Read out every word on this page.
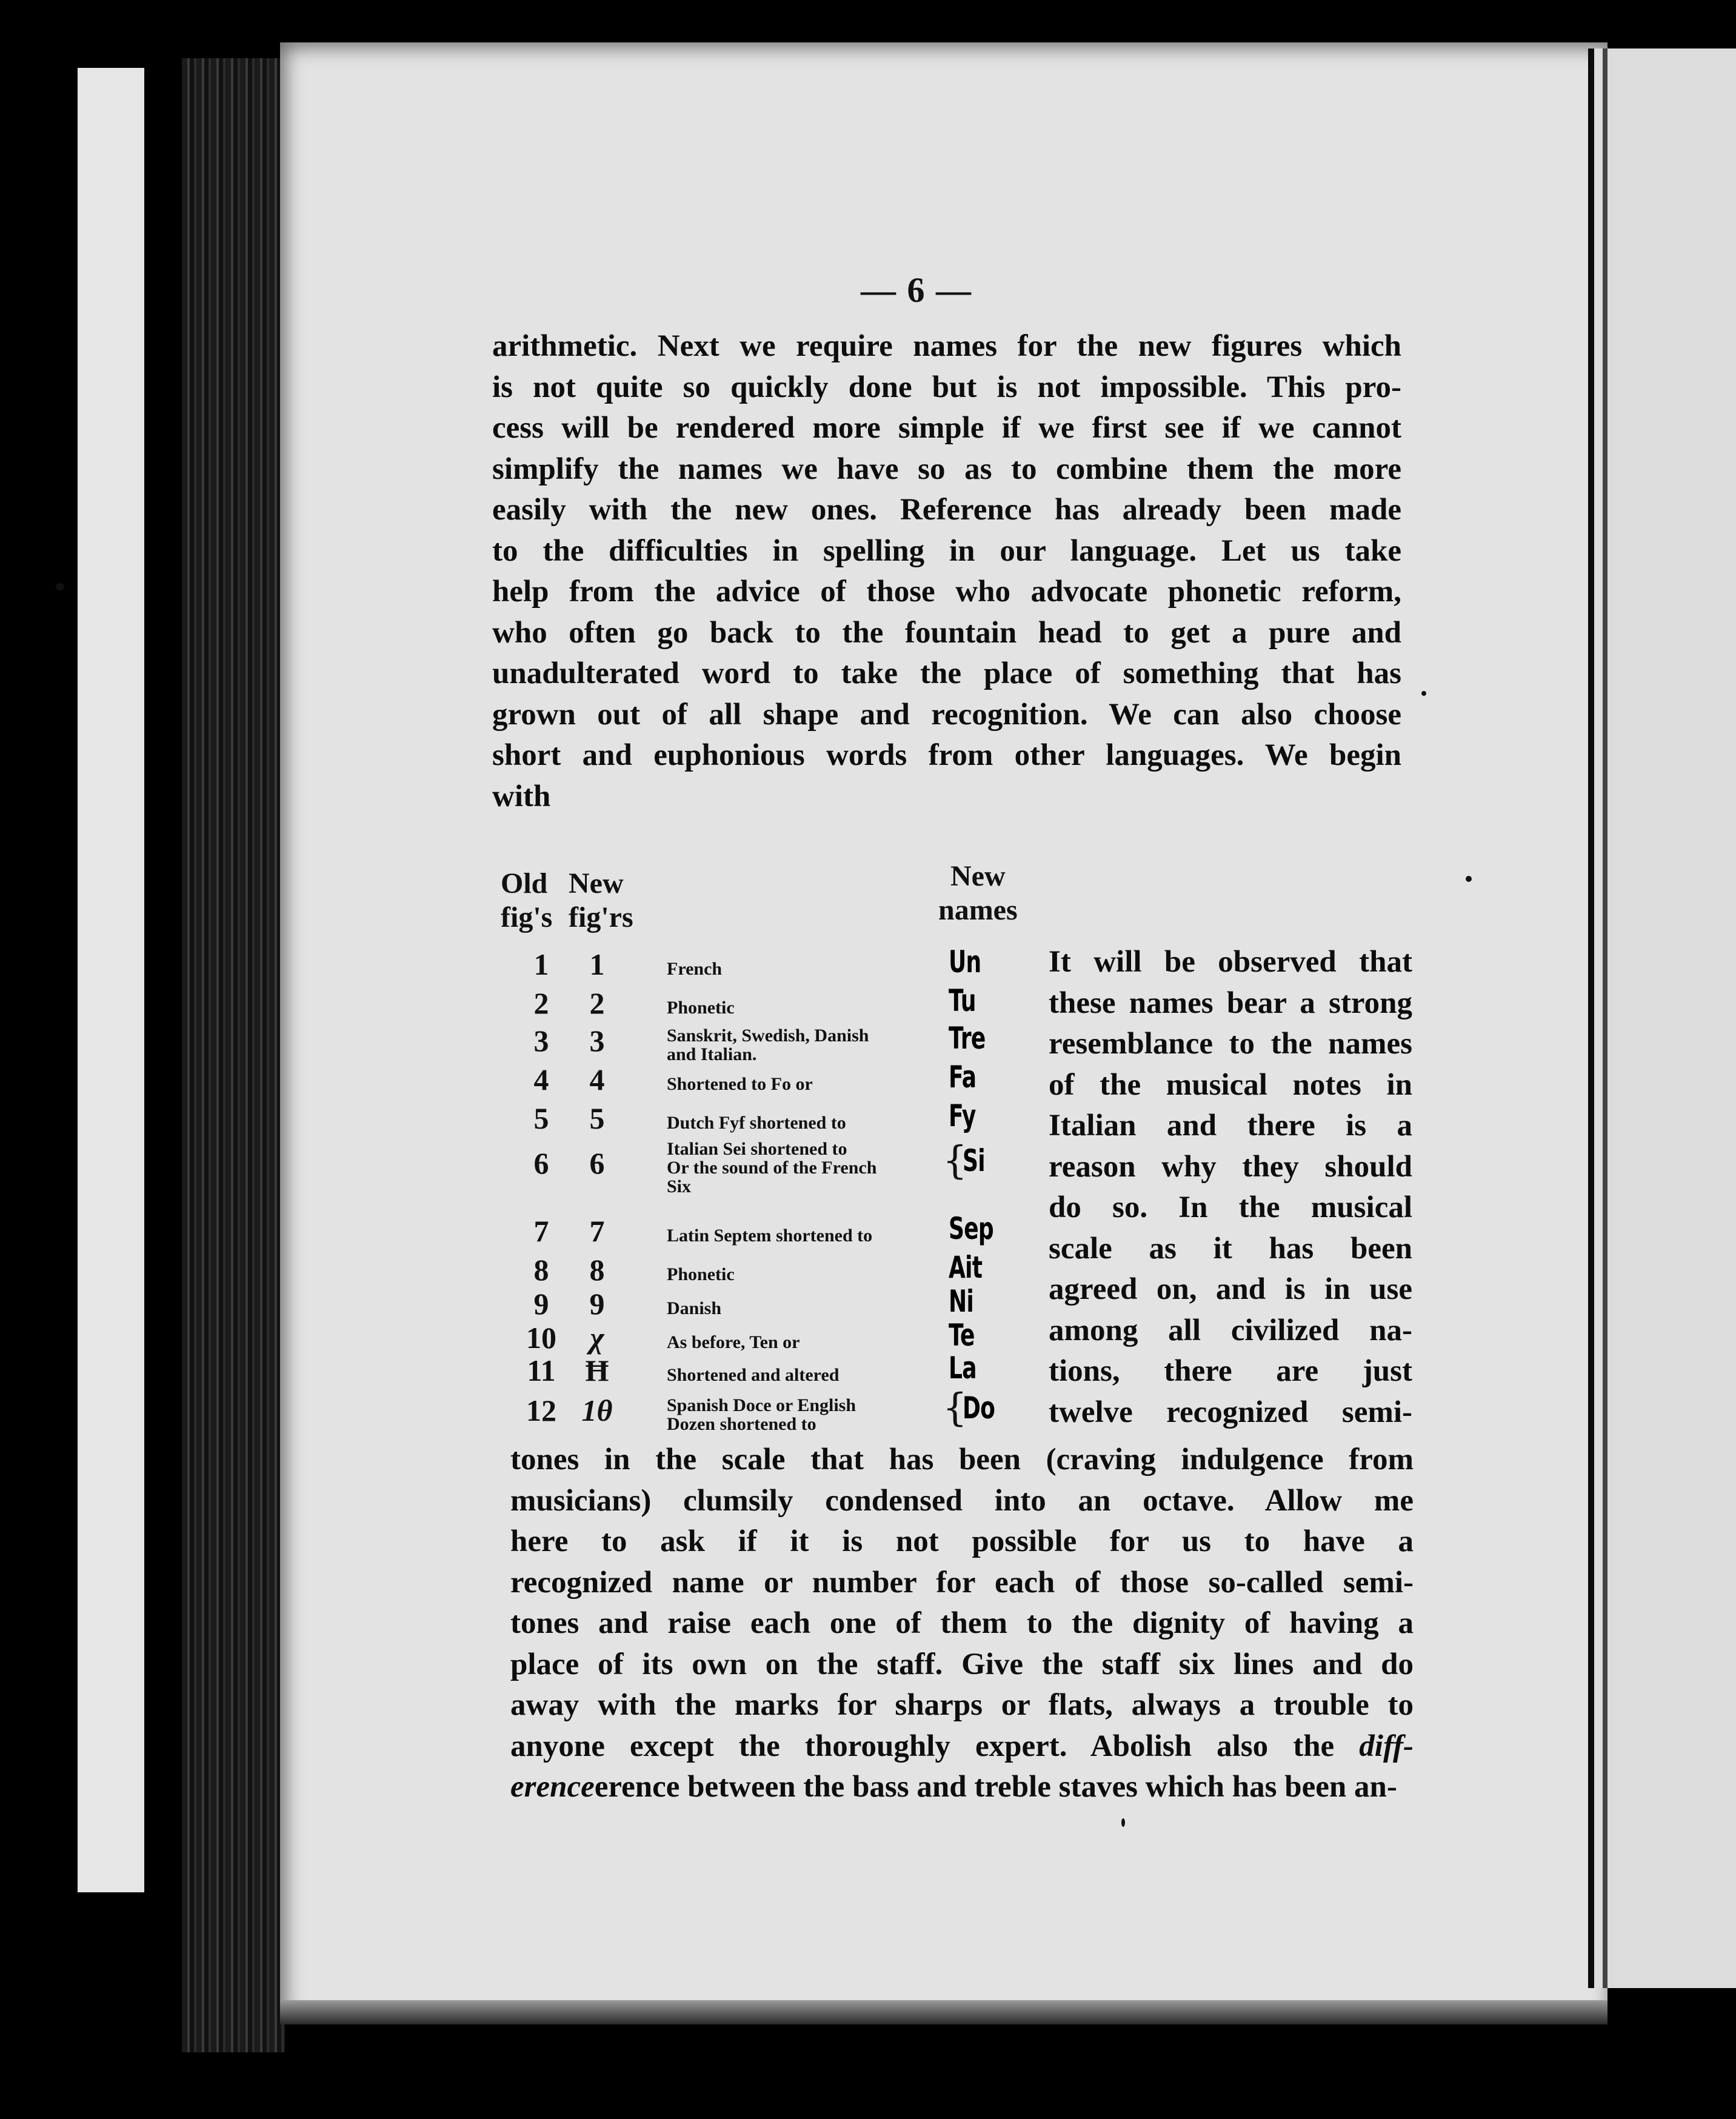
— 6 —
arithmetic. Next we require names for the new figures which
is not quite so quickly done but is not impossible. This pro-
cess will be rendered more simple if we first see if we cannot
simplify the names we have so as to combine them the more
easily with the new ones. Reference has already been made
to the difficulties in spelling in our language. Let us take
help from the advice of those who advocate phonetic reform,
who often go back to the fountain head to get a pure and
unadulterated word to take the place of something that has
grown out of all shape and recognition. We can also choose
short and euphonious words from other languages. We begin
with
Old
fig's
New
fig'rs
New
names
1	1	French	Un
2	2	Phonetic	Tu
3	3	Sanskrit, Swedish, Danish
and Italian.	Tre
4	4	Shortened to Fo or	Fa
5	5	Dutch Fyf shortened to	Fy
6	6	Italian Sei shortened to
Or the sound of the French
Six
Si
{
7	7	Latin Septem shortened to	Sep
8	8	Phonetic	Ait
9	9	Danish	Ni
10	χ	As before, Ten or	Te
11 Ħ	Shortened and altered	La
12 1θ	Spanish Doce or English
Dozen shortened to	Do
{
It will be observed that
these names bear a strong
resemblance to the names
of the musical notes in
Italian and there is a
reason why they should
do so. In the musical
scale as it has been
agreed on, and is in use
among all civilized na-
tions, there are just
twelve recognized semi-
tones in the scale that has been (craving indulgence from
musicians) clumsily condensed into an octave. Allow me
here to ask if it is not possible for us to have a
recognized name or number for each of those so-called semi-
tones and raise each one of them to the dignity of having a
place of its own on the staff. Give the staff six lines and do
away with the marks for sharps or flats, always a trouble to
anyone except the thoroughly expert. Abolish also the diff-
erenceerence between the bass and treble staves which has been an-
